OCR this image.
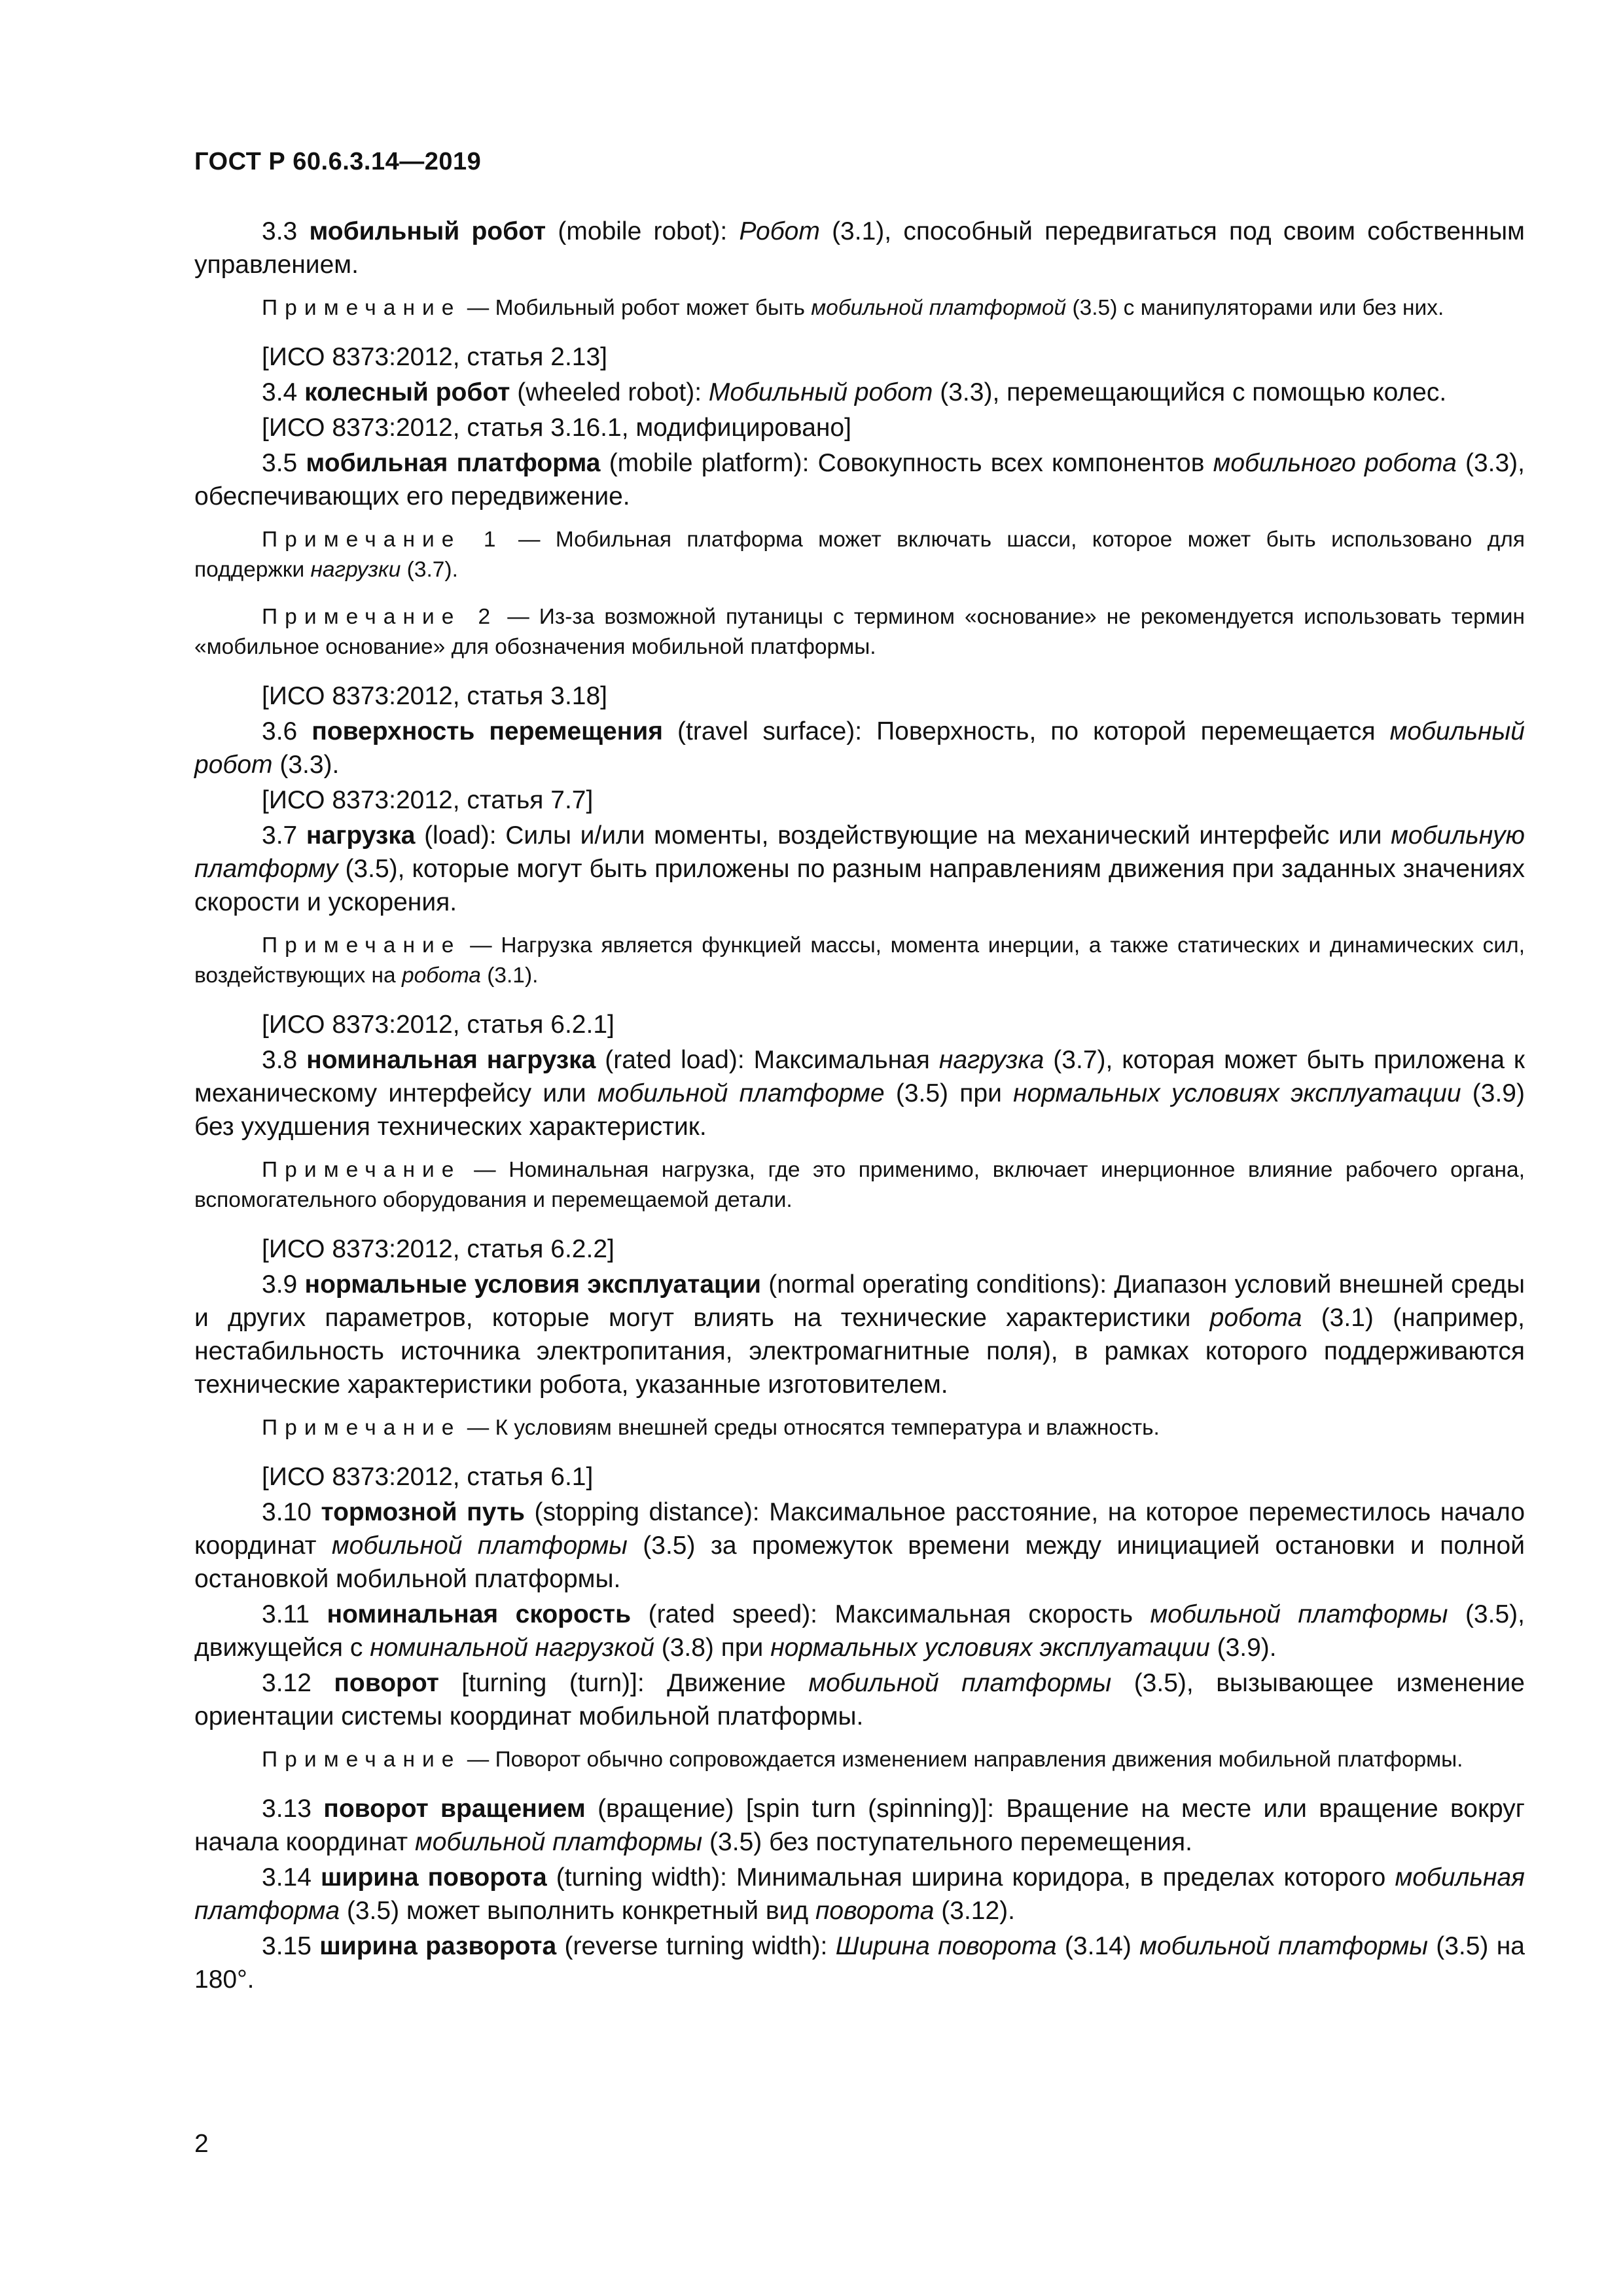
ГОСТ Р 60.6.3.14—2019

3.3 мобильный робот (mobile robot): Робот (3.1), способный передвигаться под своим собственным управлением.

Примечание — Мобильный робот может быть мобильной платформой (3.5) с манипуляторами или без них.

[ИСО 8373:2012, статья 2.13]

3.4 колесный робот (wheeled robot): Мобильный робот (3.3), перемещающийся с помощью колес.

[ИСО 8373:2012, статья 3.16.1, модифицировано]

3.5 мобильная платформа (mobile platform): Совокупность всех компонентов мобильного робота (3.3), обеспечивающих его передвижение.

Примечание 1 — Мобильная платформа может включать шасси, которое может быть использовано для поддержки нагрузки (3.7).

Примечание 2 — Из-за возможной путаницы с термином «основание» не рекомендуется использовать термин «мобильное основание» для обозначения мобильной платформы.

[ИСО 8373:2012, статья 3.18]

3.6 поверхность перемещения (travel surface): Поверхность, по которой перемещается мобильный робот (3.3).

[ИСО 8373:2012, статья 7.7]

3.7 нагрузка (load): Силы и/или моменты, воздействующие на механический интерфейс или мобильную платформу (3.5), которые могут быть приложены по разным направлениям движения при заданных значениях скорости и ускорения.

Примечание — Нагрузка является функцией массы, момента инерции, а также статических и динамических сил, воздействующих на робота (3.1).

[ИСО 8373:2012, статья 6.2.1]

3.8 номинальная нагрузка (rated load): Максимальная нагрузка (3.7), которая может быть приложена к механическому интерфейсу или мобильной платформе (3.5) при нормальных условиях эксплуатации (3.9) без ухудшения технических характеристик.

Примечание — Номинальная нагрузка, где это применимо, включает инерционное влияние рабочего органа, вспомогательного оборудования и перемещаемой детали.

[ИСО 8373:2012, статья 6.2.2]

3.9 нормальные условия эксплуатации (normal operating conditions): Диапазон условий внешней среды и других параметров, которые могут влиять на технические характеристики робота (3.1) (например, нестабильность источника электропитания, электромагнитные поля), в рамках которого поддерживаются технические характеристики робота, указанные изготовителем.

Примечание — К условиям внешней среды относятся температура и влажность.

[ИСО 8373:2012, статья 6.1]

3.10 тормозной путь (stopping distance): Максимальное расстояние, на которое переместилось начало координат мобильной платформы (3.5) за промежуток времени между инициацией остановки и полной остановкой мобильной платформы.

3.11 номинальная скорость (rated speed): Максимальная скорость мобильной платформы (3.5), движущейся с номинальной нагрузкой (3.8) при нормальных условиях эксплуатации (3.9).

3.12 поворот [turning (turn)]: Движение мобильной платформы (3.5), вызывающее изменение ориентации системы координат мобильной платформы.

Примечание — Поворот обычно сопровождается изменением направления движения мобильной платформы.

3.13 поворот вращением (вращение) [spin turn (spinning)]: Вращение на месте или вращение вокруг начала координат мобильной платформы (3.5) без поступательного перемещения.

3.14 ширина поворота (turning width): Минимальная ширина коридора, в пределах которого мобильная платформа (3.5) может выполнить конкретный вид поворота (3.12).

3.15 ширина разворота (reverse turning width): Ширина поворота (3.14) мобильной платформы (3.5) на 180°.

2
